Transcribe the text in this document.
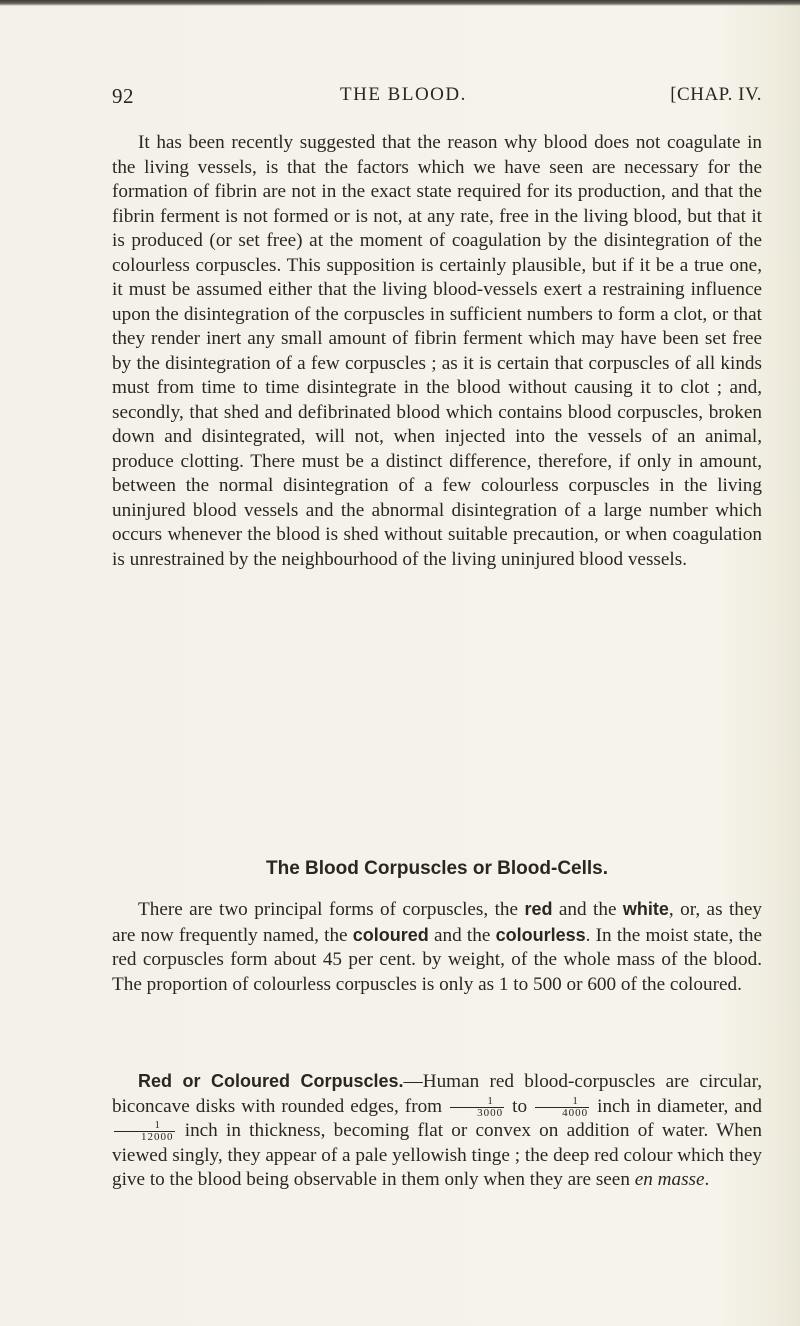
92	THE BLOOD.	[CHAP. IV.

It has been recently suggested that the reason why blood does not coagulate in the living vessels, is that the factors which we have seen are necessary for the formation of fibrin are not in the exact state required for its production, and that the fibrin ferment is not formed or is not, at any rate, free in the living blood, but that it is produced (or set free) at the moment of coagulation by the disintegration of the colourless corpuscles. This supposition is certainly plausible, but if it be a true one, it must be assumed either that the living blood-vessels exert a restraining influence upon the disintegration of the corpuscles in sufficient numbers to form a clot, or that they render inert any small amount of fibrin ferment which may have been set free by the disintegration of a few corpuscles ; as it is certain that corpuscles of all kinds must from time to time disintegrate in the blood without causing it to clot ; and, secondly, that shed and defibrinated blood which contains blood corpuscles, broken down and disintegrated, will not, when injected into the vessels of an animal, produce clotting. There must be a distinct difference, therefore, if only in amount, between the normal disintegration of a few colourless corpuscles in the living uninjured blood vessels and the abnormal disintegration of a large number which occurs whenever the blood is shed without suitable precaution, or when coagulation is unrestrained by the neighbourhood of the living uninjured blood vessels.

The Blood Corpuscles or Blood-Cells.

There are two principal forms of corpuscles, the red and the white, or, as they are now frequently named, the coloured and the colourless. In the moist state, the red corpuscles form about 45 per cent. by weight, of the whole mass of the blood. The proportion of colourless corpuscles is only as 1 to 500 or 600 of the coloured.

Red or Coloured Corpuscles.—Human red blood-corpuscles are circular, biconcave disks with rounded edges, from $\frac{1}{3000}$ to $\frac{1}{4000}$ inch in diameter, and
$\frac{1}{12000}$ inch in thickness, becoming flat or convex on addition of water. When viewed singly, they appear of a pale yellowish tinge ; the deep red colour which they give to the blood being observable in them only when they are seen en masse.
